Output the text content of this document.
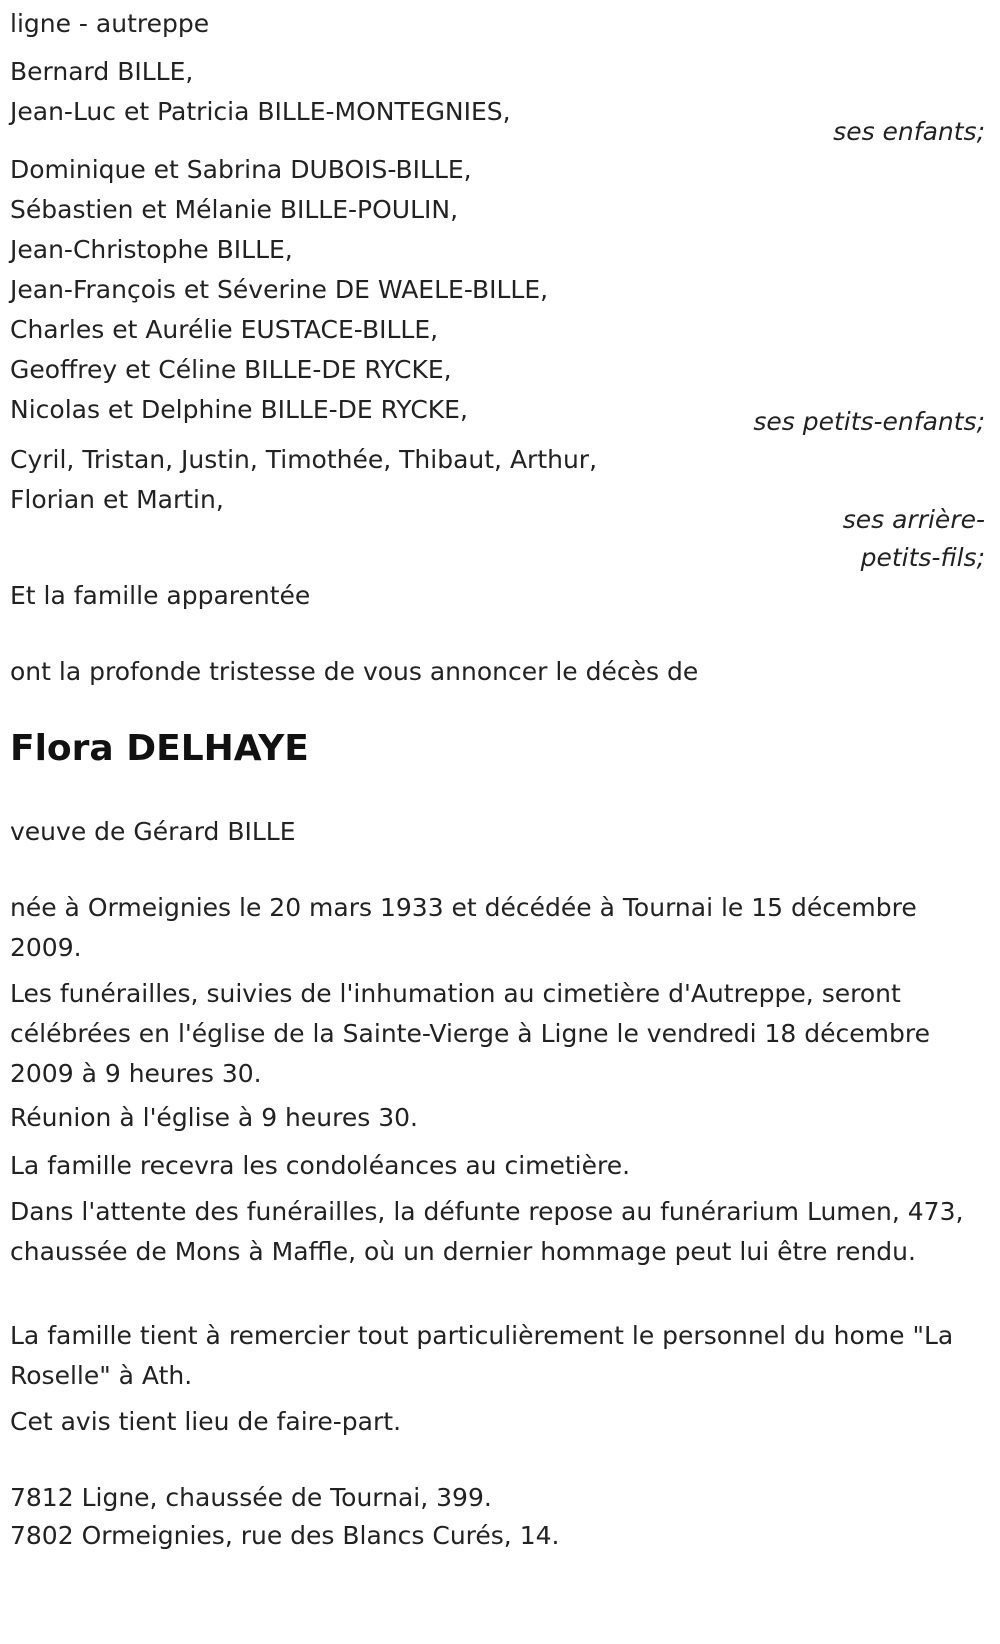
ligne - autreppe
Bernard BILLE,
Jean-Luc et Patricia BILLE-MONTEGNIES,
ses enfants;
Dominique et Sabrina DUBOIS-BILLE,
Sébastien et Mélanie BILLE-POULIN,
Jean-Christophe BILLE,
Jean-François et Séverine DE WAELE-BILLE,
Charles et Aurélie EUSTACE-BILLE,
Geoffrey et Céline BILLE-DE RYCKE,
Nicolas et Delphine BILLE-DE RYCKE,	ses petits-enfants;
Cyril, Tristan, Justin, Timothée, Thibaut, Arthur,
Florian et Martin,
ses arrière-
petits-fils;
Et la famille apparentée
ont la profonde tristesse de vous annoncer le décès de
Flora DELHAYE
veuve de Gérard BILLE
née à Ormeignies le 20 mars 1933 et décédée à Tournai le 15 décembre 2009.
Les funérailles, suivies de l'inhumation au cimetière d'Autreppe, seront célébrées en l'église de la Sainte-Vierge à Ligne le vendredi 18 décembre 2009 à 9 heures 30.
Réunion à l'église à 9 heures 30.
La famille recevra les condoléances au cimetière.
Dans l'attente des funérailles, la défunte repose au funérarium Lumen, 473, chaussée de Mons à Maffle, où un dernier hommage peut lui être rendu.
La famille tient à remercier tout particulièrement le personnel du home "La Roselle" à Ath.
Cet avis tient lieu de faire-part.
7812 Ligne, chaussée de Tournai, 399.
7802 Ormeignies, rue des Blancs Curés, 14.
